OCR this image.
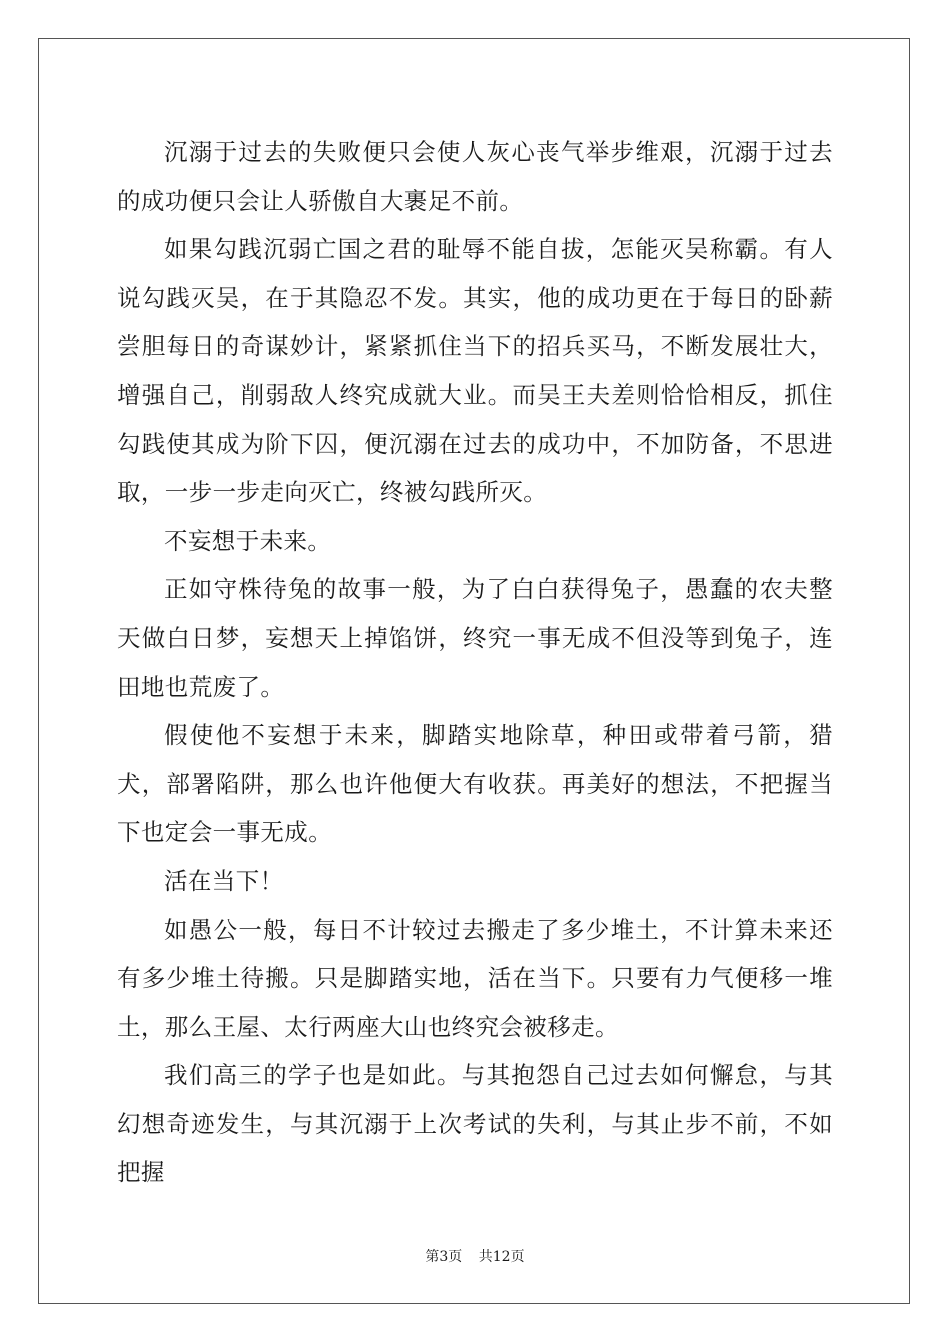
沉溺于过去的失败便只会使人灰心丧气举步维艰，沉溺于过去的成功便只会让人骄傲自大裹足不前。

如果勾践沉弱亡国之君的耻辱不能自拔，怎能灭吴称霸。有人说勾践灭吴，在于其隐忍不发。其实，他的成功更在于每日的卧薪尝胆每日的奇谋妙计，紧紧抓住当下的招兵买马，不断发展壮大，增强自己，削弱敌人终究成就大业。而吴王夫差则恰恰相反，抓住勾践使其成为阶下囚，便沉溺在过去的成功中，不加防备，不思进取，一步一步走向灭亡，终被勾践所灭。

不妄想于未来。

正如守株待兔的故事一般，为了白白获得兔子，愚蠢的农夫整天做白日梦，妄想天上掉馅饼，终究一事无成不但没等到兔子，连田地也荒废了。

假使他不妄想于未来，脚踏实地除草，种田或带着弓箭，猎犬，部署陷阱，那么也许他便大有收获。再美好的想法，不把握当下也定会一事无成。

活在当下！

如愚公一般，每日不计较过去搬走了多少堆土，不计算未来还有多少堆土待搬。只是脚踏实地，活在当下。只要有力气便移一堆土，那么王屋、太行两座大山也终究会被移走。

我们高三的学子也是如此。与其抱怨自己过去如何懈怠，与其幻想奇迹发生，与其沉溺于上次考试的失利，与其止步不前，不如把握

第3页 共12页
